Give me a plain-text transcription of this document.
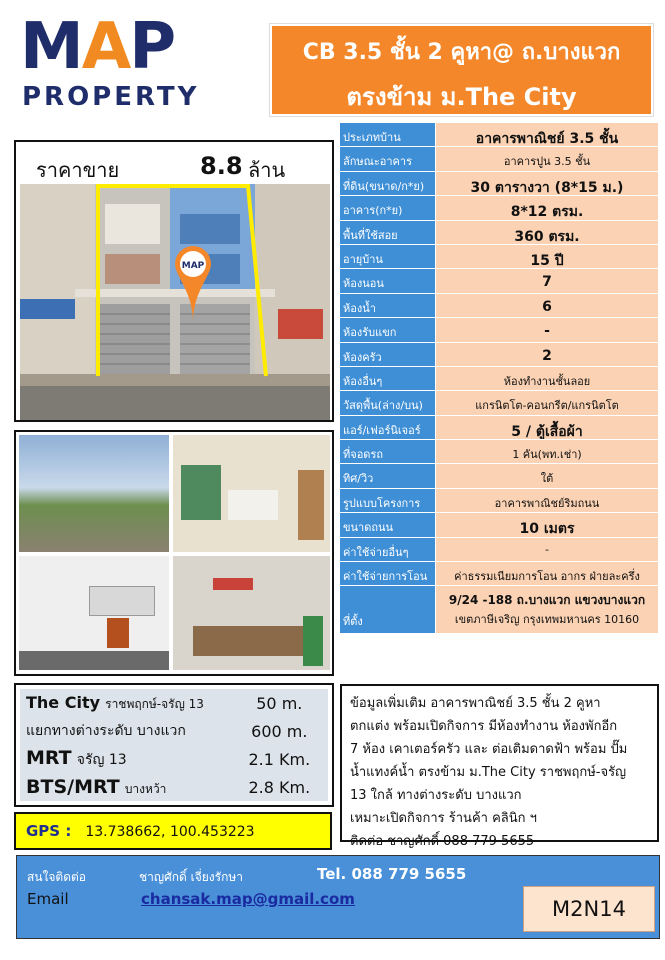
MAP
PROPERTY
CB 3.5 ชั้น 2 คูหา@ ถ.บางแวก
ตรงข้าม ม.The City
ราคาขาย	8.8 ล้าน
MAP
ประเภทบ้าน	อาคารพาณิชย์ 3.5 ชั้น
ลักษณะอาคาร	อาคารปูน 3.5 ชั้น
ที่ดิน(ขนาด/ก*ย)	30 ตารางวา (8*15 ม.)
อาคาร(ก*ย)	8*12 ตรม.
พื้นที่ใช้สอย	360 ตรม.
อายุบ้าน	15 ปี
ห้องนอน	7
ห้องน้ำ	6
ห้องรับแขก	-
ห้องครัว	2
ห้องอื่นๆ	ห้องทำงานชั้นลอย
วัสดุพื้น(ล่าง/บน)	แกรนิตโต-คอนกรีต/แกรนิตโต
แอร์/เฟอร์นิเจอร์	5 / ตู้เสื้อผ้า
ที่จอดรถ	1 คัน(พท.เช่า)
ทิศ/วิว	ใต้
รูปแบบโครงการ	อาคารพาณิชย์ริมถนน
ขนาดถนน	10 เมตร
ค่าใช้จ่ายอื่นๆ	-
ค่าใช้จ่ายการโอน	ค่าธรรมเนียมการโอน อากร ฝ่ายละครึ่ง
ที่ตั้ง
9/24 -188 ถ.บางแวก แขวงบางแวก
เขตภาษีเจริญ กรุงเทพมหานคร 10160
The City ราชพฤกษ์-จรัญ 13	50 m.
แยกทางต่างระดับ บางแวก	600 m.
MRT จรัญ 13	2.1 Km.
BTS/MRT บางหว้า	2.8 Km.
GPS : 13.738662, 100.453223
ข้อมูลเพิ่มเติม อาคารพาณิชย์ 3.5 ชั้น 2 คูหา
ตกแต่ง พร้อมเปิดกิจการ มีห้องทำงาน ห้องพักอีก
7 ห้อง เคาเตอร์ครัว และ ต่อเติมดาดฟ้า พร้อม ปั๊ม
น้ำแทงค์น้ำ ตรงข้าม ม.The City ราชพฤกษ์-จรัญ
13 ใกล้ ทางต่างระดับ บางแวก
เหมาะเปิดกิจการ ร้านค้า คลินิก ฯ
ติดต่อ ชาญศักดิ์ 088 779 5655
สนใจติดต่อ	ชาญศักดิ์ เจี่ยงรักษา	Tel. 088 779 5655
Email	chansak.map@gmail.com	M2N14
